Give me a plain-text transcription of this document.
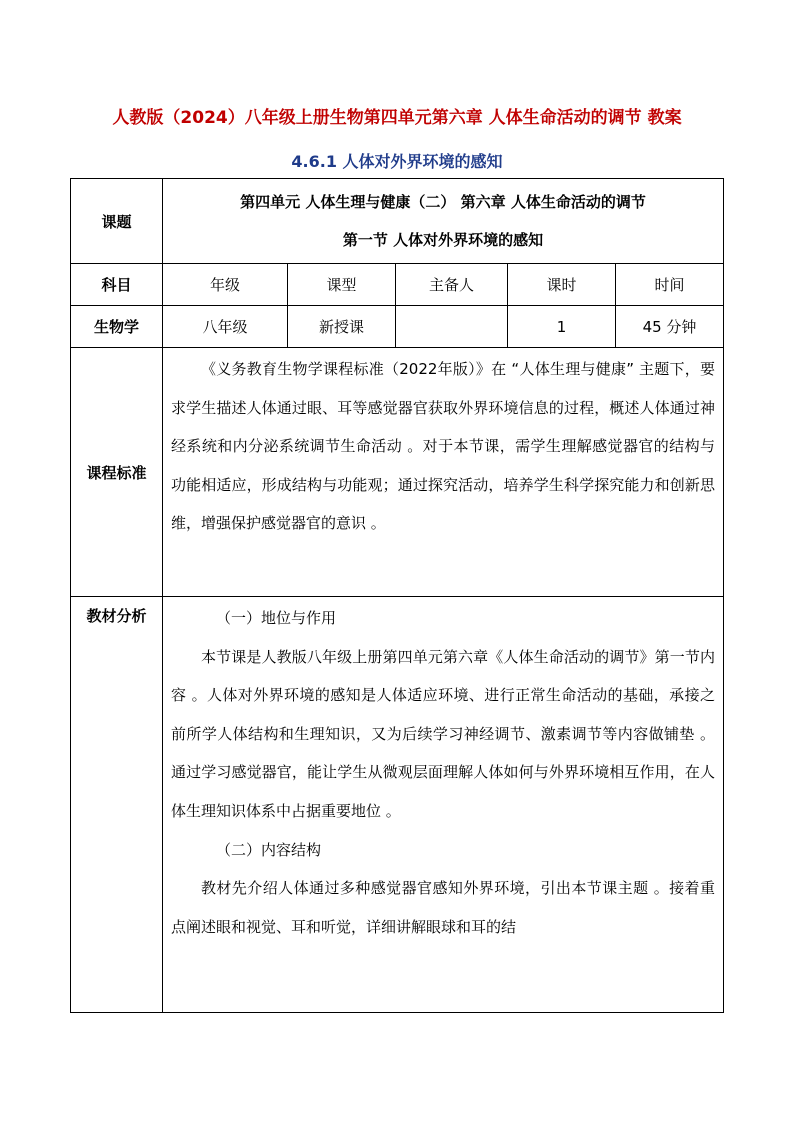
人教版（2024）八年级上册生物第四单元第六章 人体生命活动的调节 教案
4.6.1 人体对外界环境的感知
课题	第四单元 人体生理与健康（二） 第六章 人体生命活动的调节
第一节 人体对外界环境的感知				

科目	年级	课型	主备人	课时	时间
生物学	八年级	新授课		1	45 分钟
课程标准	《义务教育生物学课程标准（2022年版）》在 “人体生理与健康” 主题下，要求学生描述人体通过眼、耳等感觉器官获取外界环境信息的过程，概述人体通过神经系统和内分泌系统调节生命活动 。对于本节课，需学生理解感觉器官的结构与功能相适应，形成结构与功能观；通过探究活动，培养学生科学探究能力和创新思维，增强保护感觉器官的意识 。				

教材分析	（一）地位与作用

本节课是人教版八年级上册第四单元第六章《人体生命活动的调节》第一节内容 。人体对外界环境的感知是人体适应环境、进行正常生命活动的基础，承接之前所学人体结构和生理知识，又为后续学习神经调节、激素调节等内容做铺垫 。通过学习感觉器官，能让学生从微观层面理解人体如何与外界环境相互作用，在人体生理知识体系中占据重要地位 。

（二）内容结构

教材先介绍人体通过多种感觉器官感知外界环境，引出本节课主题 。接着重点阐述眼和视觉、耳和听觉，详细讲解眼球和耳的结				
